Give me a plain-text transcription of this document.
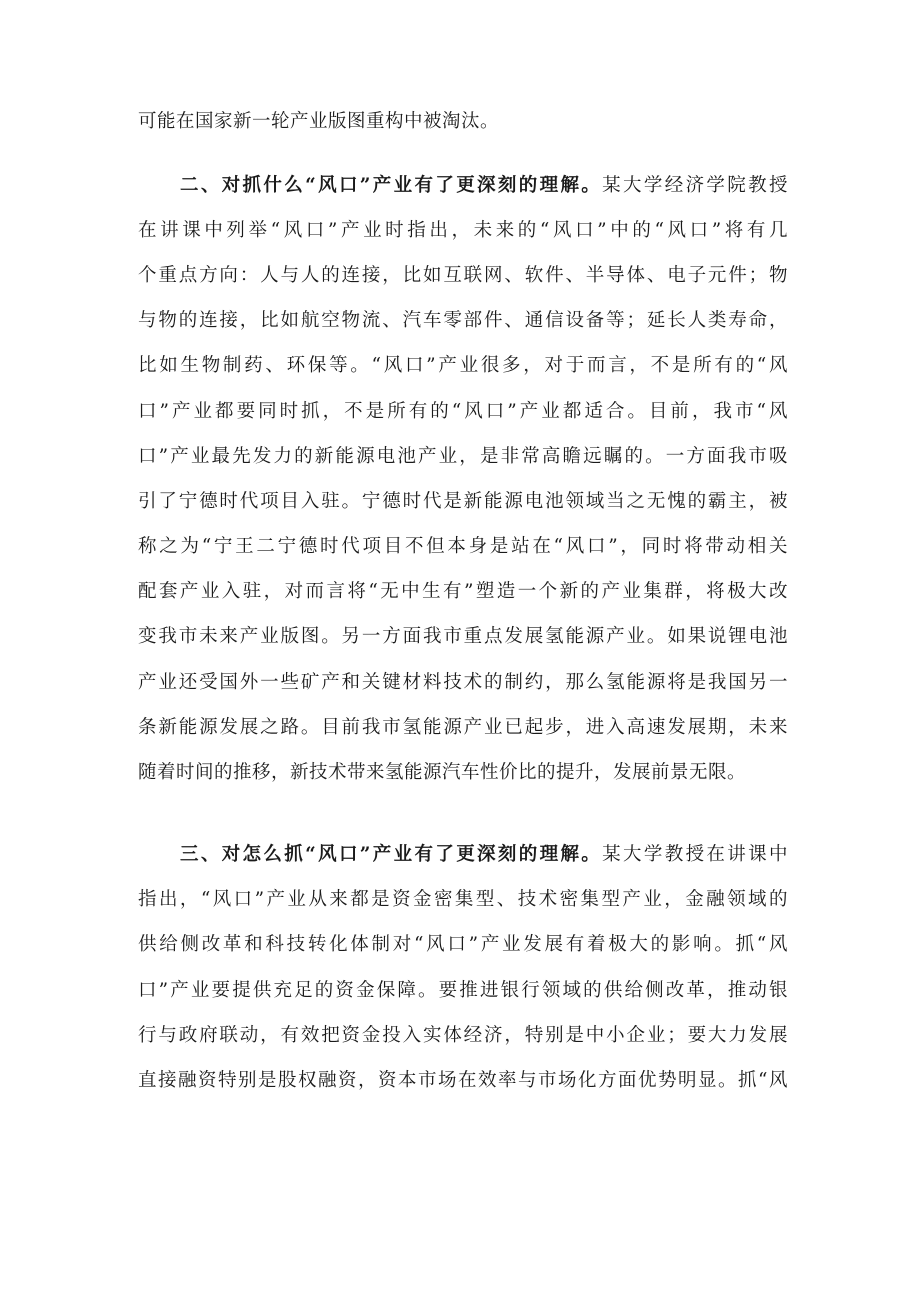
可能在国家新一轮产业版图重构中被淘汰。
二、对抓什么“风口”产业有了更深刻的理解。某大学经济学院教授
在讲课中列举“风口”产业时指出，未来的“风口”中的“风口”将有几
个重点方向：人与人的连接，比如互联网、软件、半导体、电子元件；物
与物的连接，比如航空物流、汽车零部件、通信设备等；延长人类寿命，
比如生物制药、环保等。“风口”产业很多，对于而言，不是所有的“风
口”产业都要同时抓，不是所有的“风口”产业都适合。目前，我市“风
口”产业最先发力的新能源电池产业，是非常高瞻远瞩的。一方面我市吸
引了宁德时代项目入驻。宁德时代是新能源电池领域当之无愧的霸主，被
称之为“宁王二宁德时代项目不但本身是站在“风口”，同时将带动相关
配套产业入驻，对而言将“无中生有”塑造一个新的产业集群，将极大改
变我市未来产业版图。另一方面我市重点发展氢能源产业。如果说锂电池
产业还受国外一些矿产和关键材料技术的制约，那么氢能源将是我国另一
条新能源发展之路。目前我市氢能源产业已起步，进入高速发展期，未来
随着时间的推移，新技术带来氢能源汽车性价比的提升，发展前景无限。
三、对怎么抓“风口”产业有了更深刻的理解。某大学教授在讲课中
指出，“风口”产业从来都是资金密集型、技术密集型产业，金融领域的
供给侧改革和科技转化体制对“风口”产业发展有着极大的影响。抓“风
口”产业要提供充足的资金保障。要推进银行领域的供给侧改革，推动银
行与政府联动，有效把资金投入实体经济，特别是中小企业；要大力发展
直接融资特别是股权融资，资本市场在效率与市场化方面优势明显。抓“风
